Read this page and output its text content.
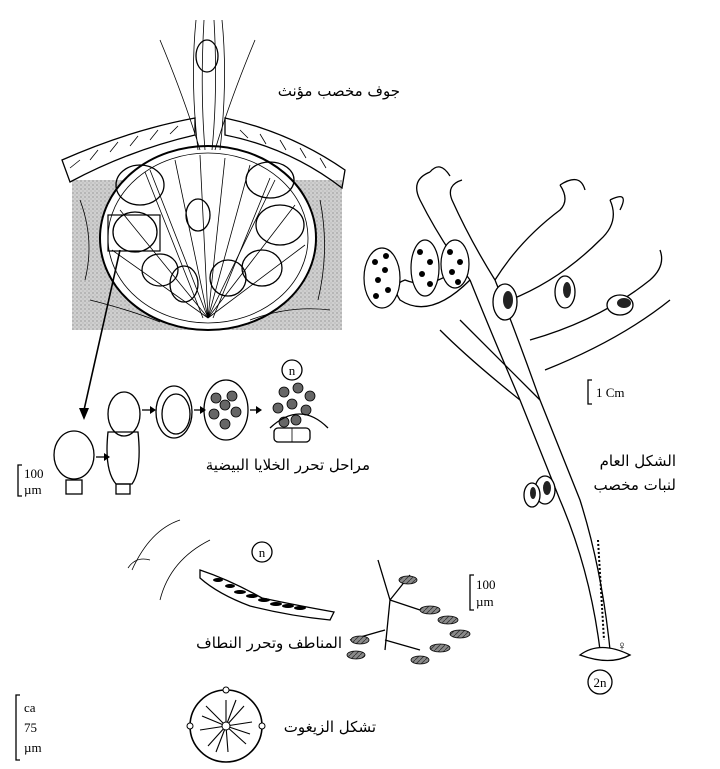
جوف مخصب مؤنث
n
100
µm
مراحل تحرر الخلايا البيضية
n
100
µm
المناطف وتحرر النطاف
ca
75
µm
تشكل الزيغوت
1 Cm
الشكل العام
لنبات مخصب
♀
2n
